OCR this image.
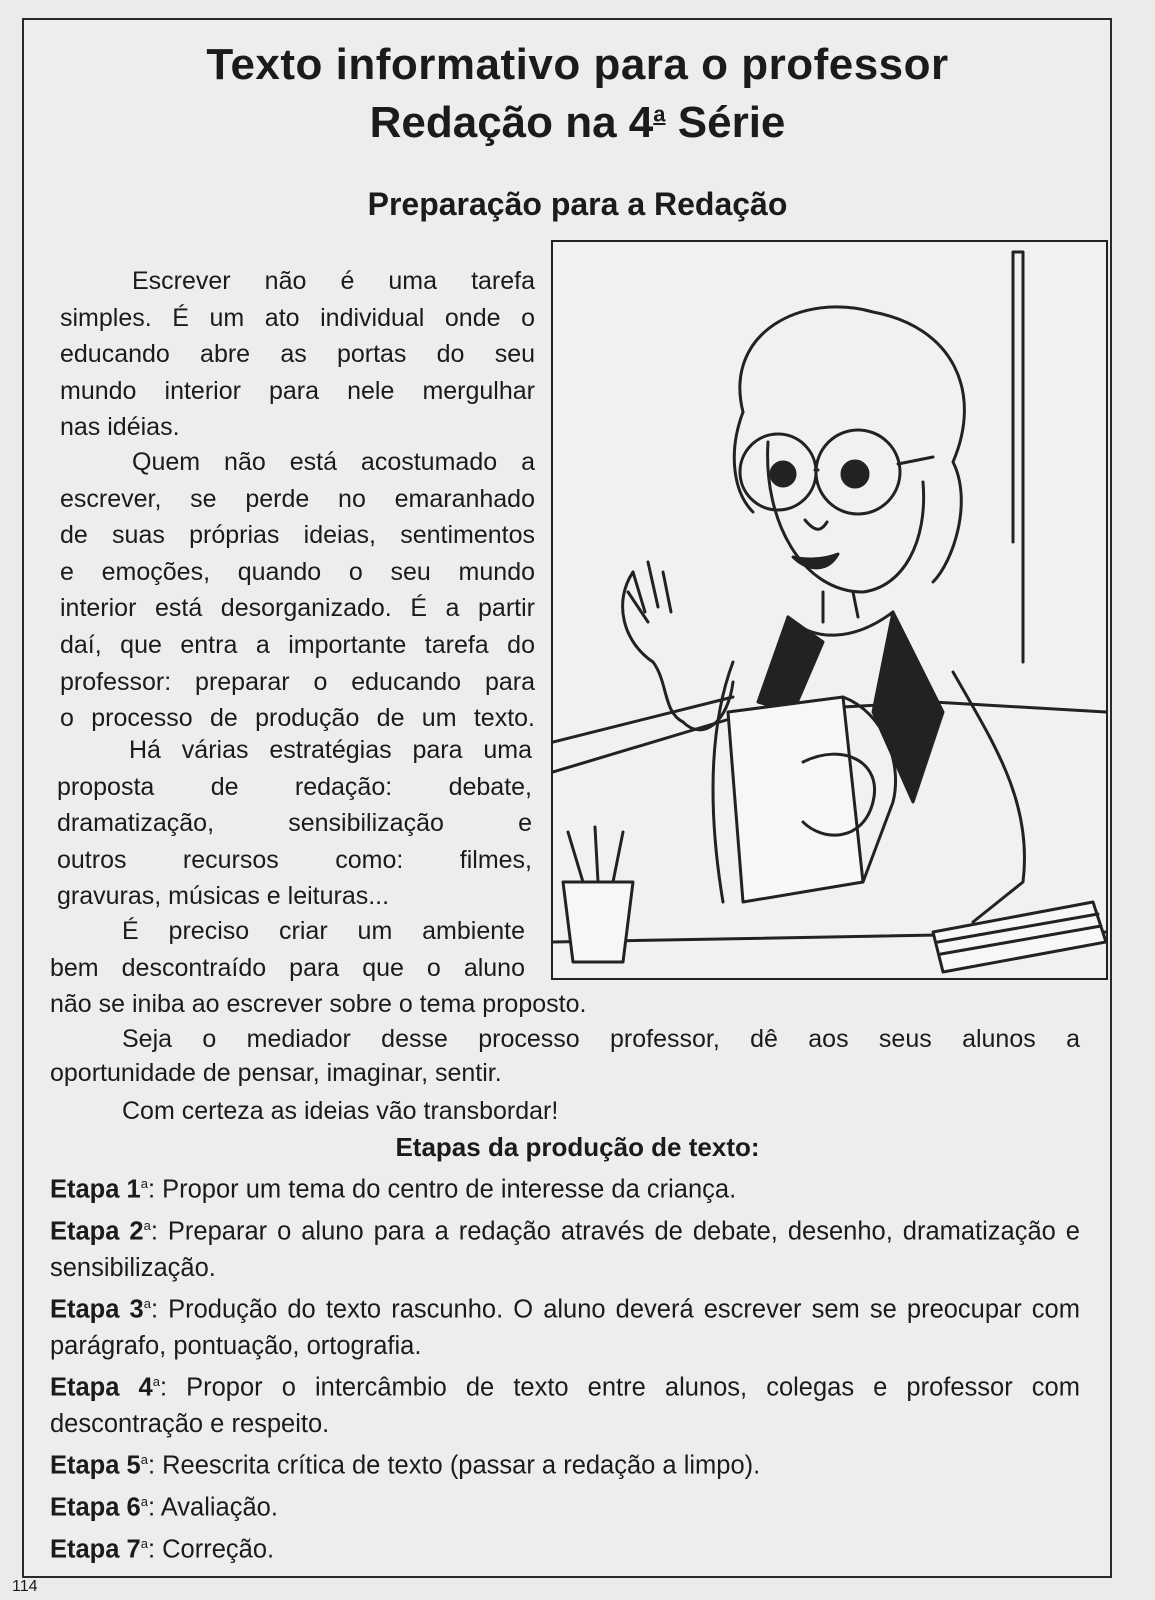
Texto informativo para o professor
Redação na 4$^a$ Série
Preparação para a Redação
Escrever não é uma tarefa
simples. É um ato individual onde o
educando abre as portas do seu
mundo interior para nele mergulhar
nas idéias.
Quem não está acostumado a
escrever, se perde no emaranhado
de suas próprias ideias, sentimentos
e emoções, quando o seu mundo
interior está desorganizado. É a partir
daí, que entra a importante tarefa do
professor: preparar o educando para
o processo de produção de um texto.
Há várias estratégias para uma
proposta de redação: debate,
dramatização, sensibilização e
outros recursos como: filmes,
gravuras, músicas e leituras...
É preciso criar um ambiente
bem descontraído para que o aluno
não se iniba ao escrever sobre o tema proposto.

Seja o mediador desse processo professor, dê aos seus alunos a

oportunidade de pensar, imaginar, sentir.

Com certeza as ideias vão transbordar!

Etapas da produção de texto:
Etapa 1$^a$: Propor um tema do centro de interesse da criança.
Etapa 2$^a$: Preparar o aluno para a redação através de debate, desenho, dramatização e sensibilização.
Etapa 3$^a$: Produção do texto rascunho. O aluno deverá escrever sem se preocupar com parágrafo, pontuação, ortografia.
Etapa 4$^a$: Propor o intercâmbio de texto entre alunos, colegas e professor com descontração e respeito.
Etapa 5$^a$: Reescrita crítica de texto (passar a redação a limpo).
Etapa 6$^a$: Avaliação.
Etapa 7$^a$: Correção.
114
